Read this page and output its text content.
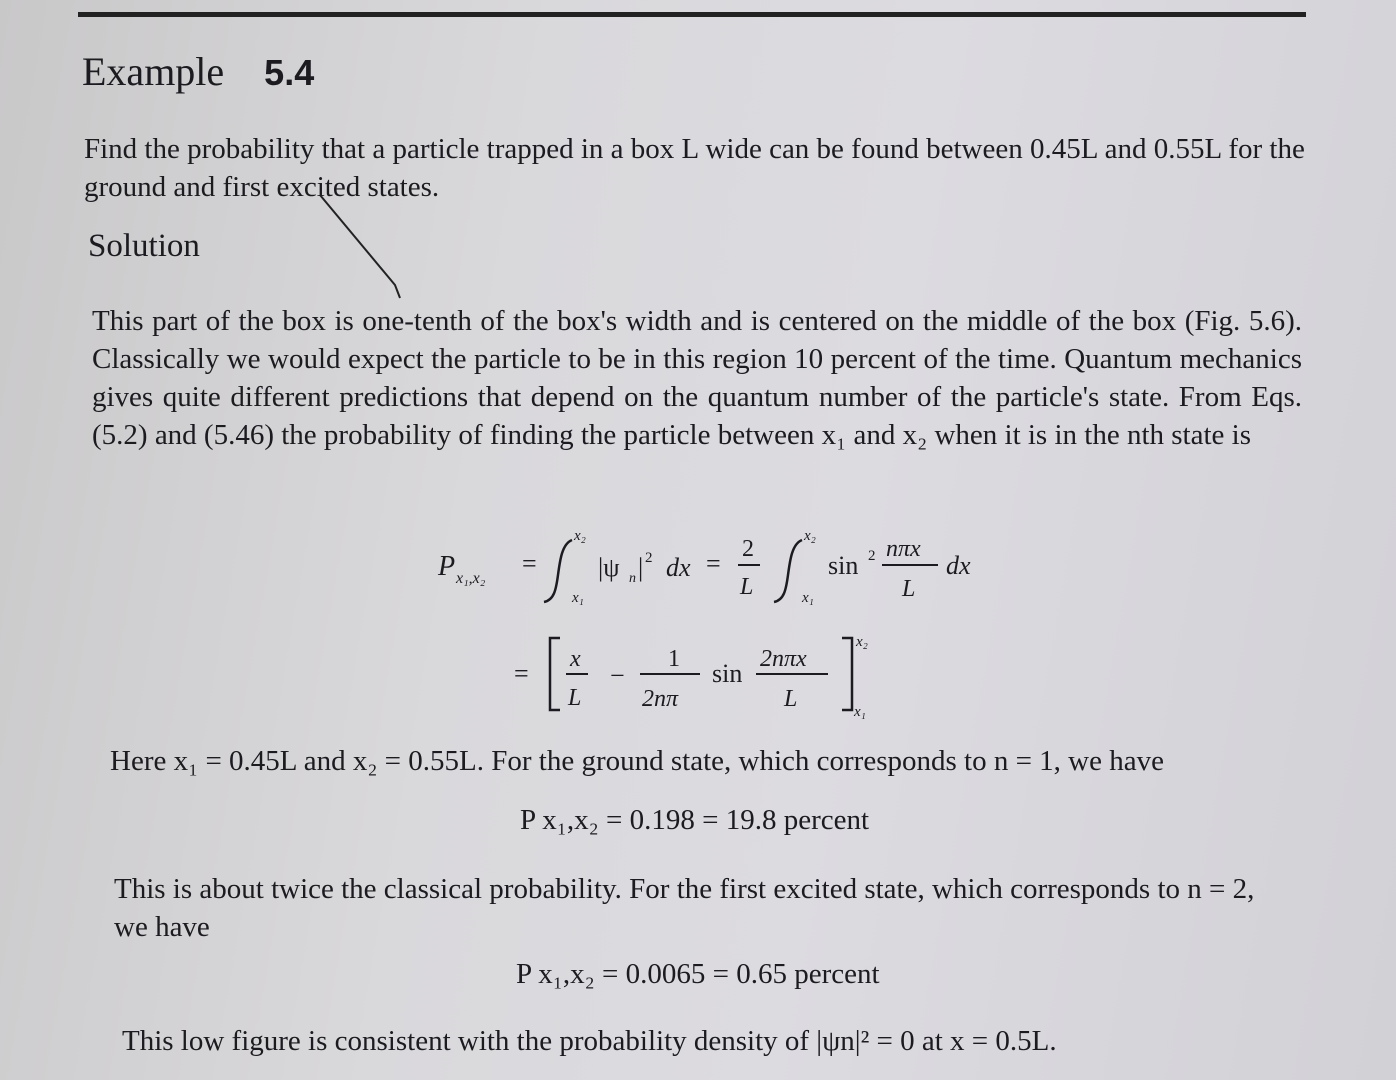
Example 5.4
Find the probability that a particle trapped in a box L wide can be found between 0.45L and 0.55L for the ground and first excited states.
Solution
This part of the box is one-tenth of the box's width and is centered on the middle of the box (Fig. 5.6). Classically we would expect the particle to be in this region 10 percent of the time. Quantum mechanics gives quite different predictions that depend on the quantum number of the particle's state. From Eqs. (5.2) and (5.46) the probability of finding the particle between x₁ and x₂ when it is in the nth state is
P x₁,x₂
=
x₂
x₁
|ψ n | 2 dx = 2
L
x₂
x₁
sin 2 nπx
L
dx
= x
L
−
1
2nπ
sin 2nπx
L
x₂
x₁
Here x₁ = 0.45L and x₂ = 0.55L. For the ground state, which corresponds to n = 1, we have
P x₁,x₂ = 0.198 = 19.8 percent
This is about twice the classical probability. For the first excited state, which corresponds to n = 2, we have
P x₁,x₂ = 0.0065 = 0.65 percent
This low figure is consistent with the probability density of |ψn|² = 0 at x = 0.5L.
